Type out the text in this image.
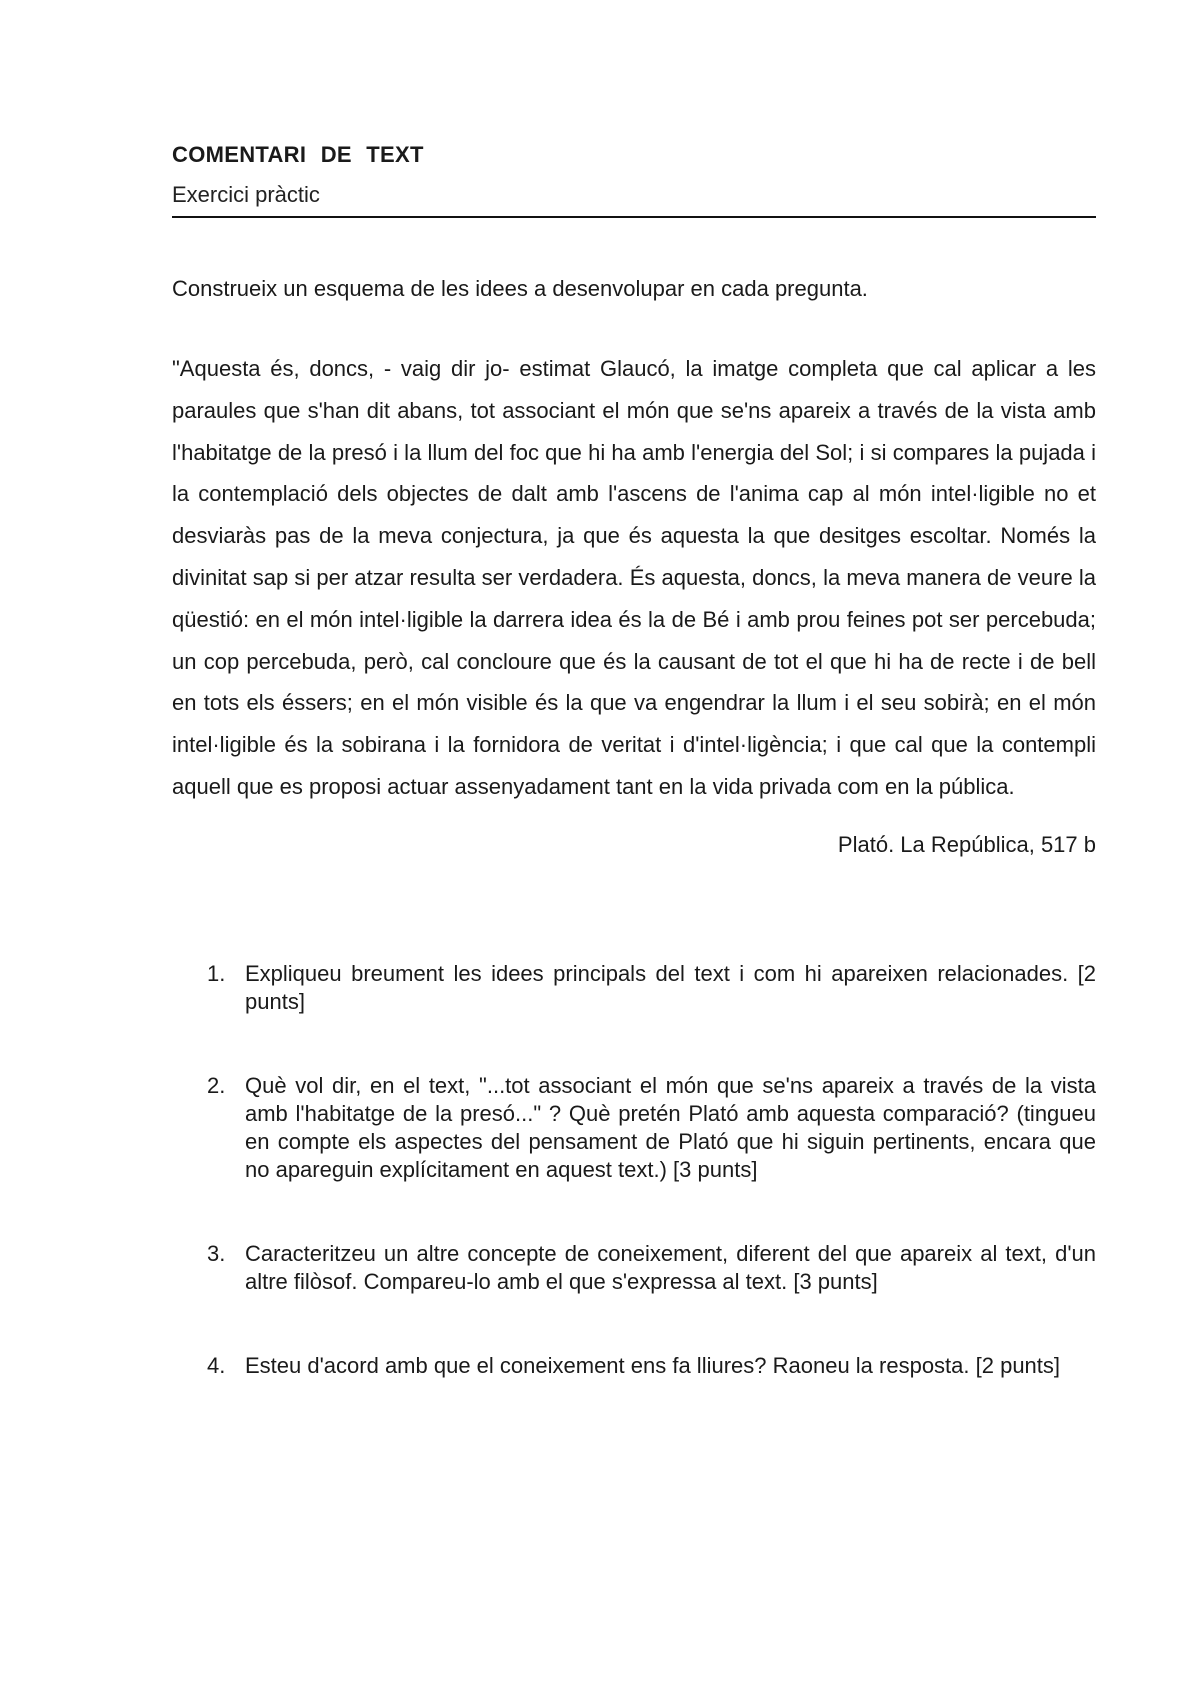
COMENTARI DE TEXT
Exercici pràctic

Construeix un esquema de les idees a desenvolupar en cada pregunta.

"Aquesta és, doncs, - vaig dir jo- estimat Glaucó, la imatge completa que cal aplicar a les paraules que s'han dit abans, tot associant el món que se'ns apareix a través de la vista amb l'habitatge de la presó i la llum del foc que hi ha amb l'energia del Sol; i si compares la pujada i la contemplació dels objectes de dalt amb l'ascens de l'anima cap al món intel·ligible no et desviaràs pas de la meva conjectura, ja que és aquesta la que desitges escoltar. Només la divinitat sap si per atzar resulta ser verdadera. És aquesta, doncs, la meva manera de veure la qüestió: en el món intel·ligible la darrera idea és la de Bé i amb prou feines pot ser percebuda; un cop percebuda, però, cal concloure que és la causant de tot el que hi ha de recte i de bell en tots els éssers; en el món visible és la que va engendrar la llum i el seu sobirà; en el món intel·ligible és la sobirana i la fornidora de veritat i d'intel·ligència; i que cal que la contempli aquell que es proposi actuar assenyadament tant en la vida privada com en la pública.

Plató. La República, 517 b
1. Expliqueu breument les idees principals del text i com hi apareixen relacionades. [2 punts]
2. Què vol dir, en el text, "...tot associant el món que se'ns apareix a través de la vista amb l'habitatge de la presó..." ? Què pretén Plató amb aquesta comparació? (tingueu en compte els aspectes del pensament de Plató que hi siguin pertinents, encara que no apareguin explícitament en aquest text.) [3 punts]
3. Caracteritzeu un altre concepte de coneixement, diferent del que apareix al text, d'un altre filòsof. Compareu-lo amb el que s'expressa al text. [3 punts]
4. Esteu d'acord amb que el coneixement ens fa lliures? Raoneu la resposta. [2 punts]
